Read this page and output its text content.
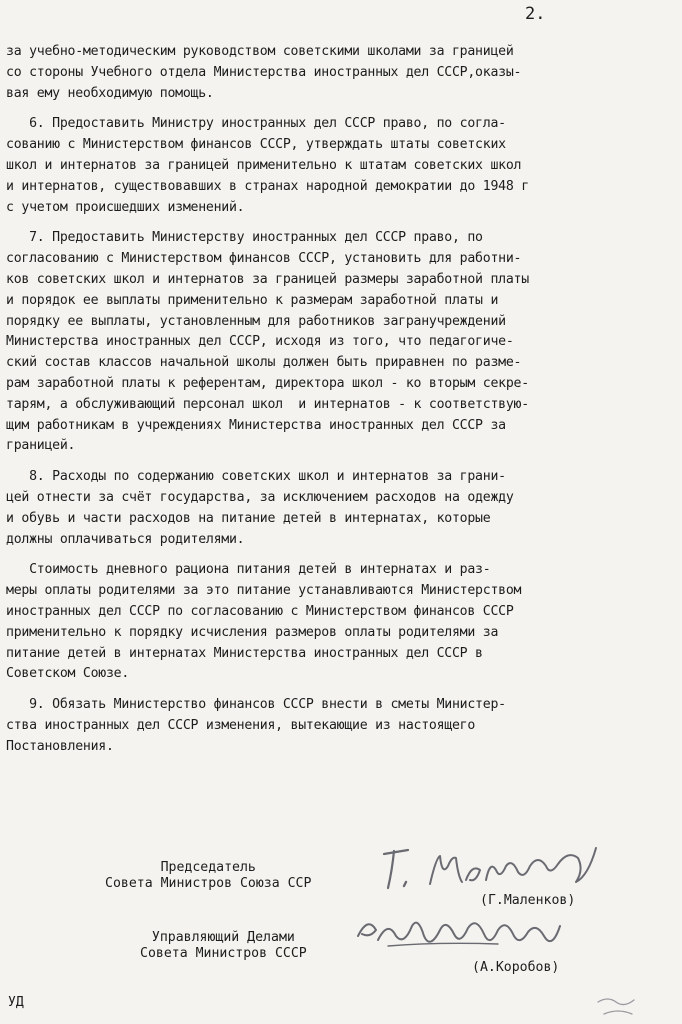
2.
за учебно-методическим руководством советскими школами за границей
со стороны Учебного отдела Министерства иностранных дел СССР,оказы-
вая ему необходимую помощь.
6. Предоставить Министру иностранных дел СССР право, по согла-
сованию с Министерством финансов СССР, утверждать штаты советских
школ и интернатов за границей применительно к штатам советских школ
и интернатов, существовавших в странах народной демократии до 1948 г
с учетом происшедших изменений.
7. Предоставить Министерству иностранных дел СССР право, по
согласованию с Министерством финансов СССР, установить для работни-
ков советских школ и интернатов за границей размеры заработной платы
и порядок ее выплаты применительно к размерам заработной платы и
порядку ее выплаты, установленным для работников загранучреждений
Министерства иностранных дел СССР, исходя из того, что педагогиче-
ский состав классов начальной школы должен быть приравнен по разме-
рам заработной платы к референтам, директора школ - ко вторым секре-
тарям, а обслуживающий персонал школ  и интернатов - к соответствую-
щим работникам в учреждениях Министерства иностранных дел СССР за
границей.
8. Расходы по содержанию советских школ и интернатов за грани-
цей отнести за счёт государства, за исключением расходов на одежду
и обувь и части расходов на питание детей в интернатах, которые
должны оплачиваться родителями.
Стоимость дневного рациона питания детей в интернатах и раз-
меры оплаты родителями за это питание устанавливаются Министерством
иностранных дел СССР по согласованию с Министерством финансов СССР
применительно к порядку исчисления размеров оплаты родителями за
питание детей в интернатах Министерства иностранных дел СССР в
Советском Союзе.
9. Обязать Министерство финансов СССР внести в сметы Министер-
ства иностранных дел СССР изменения, вытекающие из настоящего
Постановления.
Председатель
Совета Министров Союза ССР
(Г.Маленков)
Управляющий Делами
Совета Министров СССР
(А.Коробов)
УД
